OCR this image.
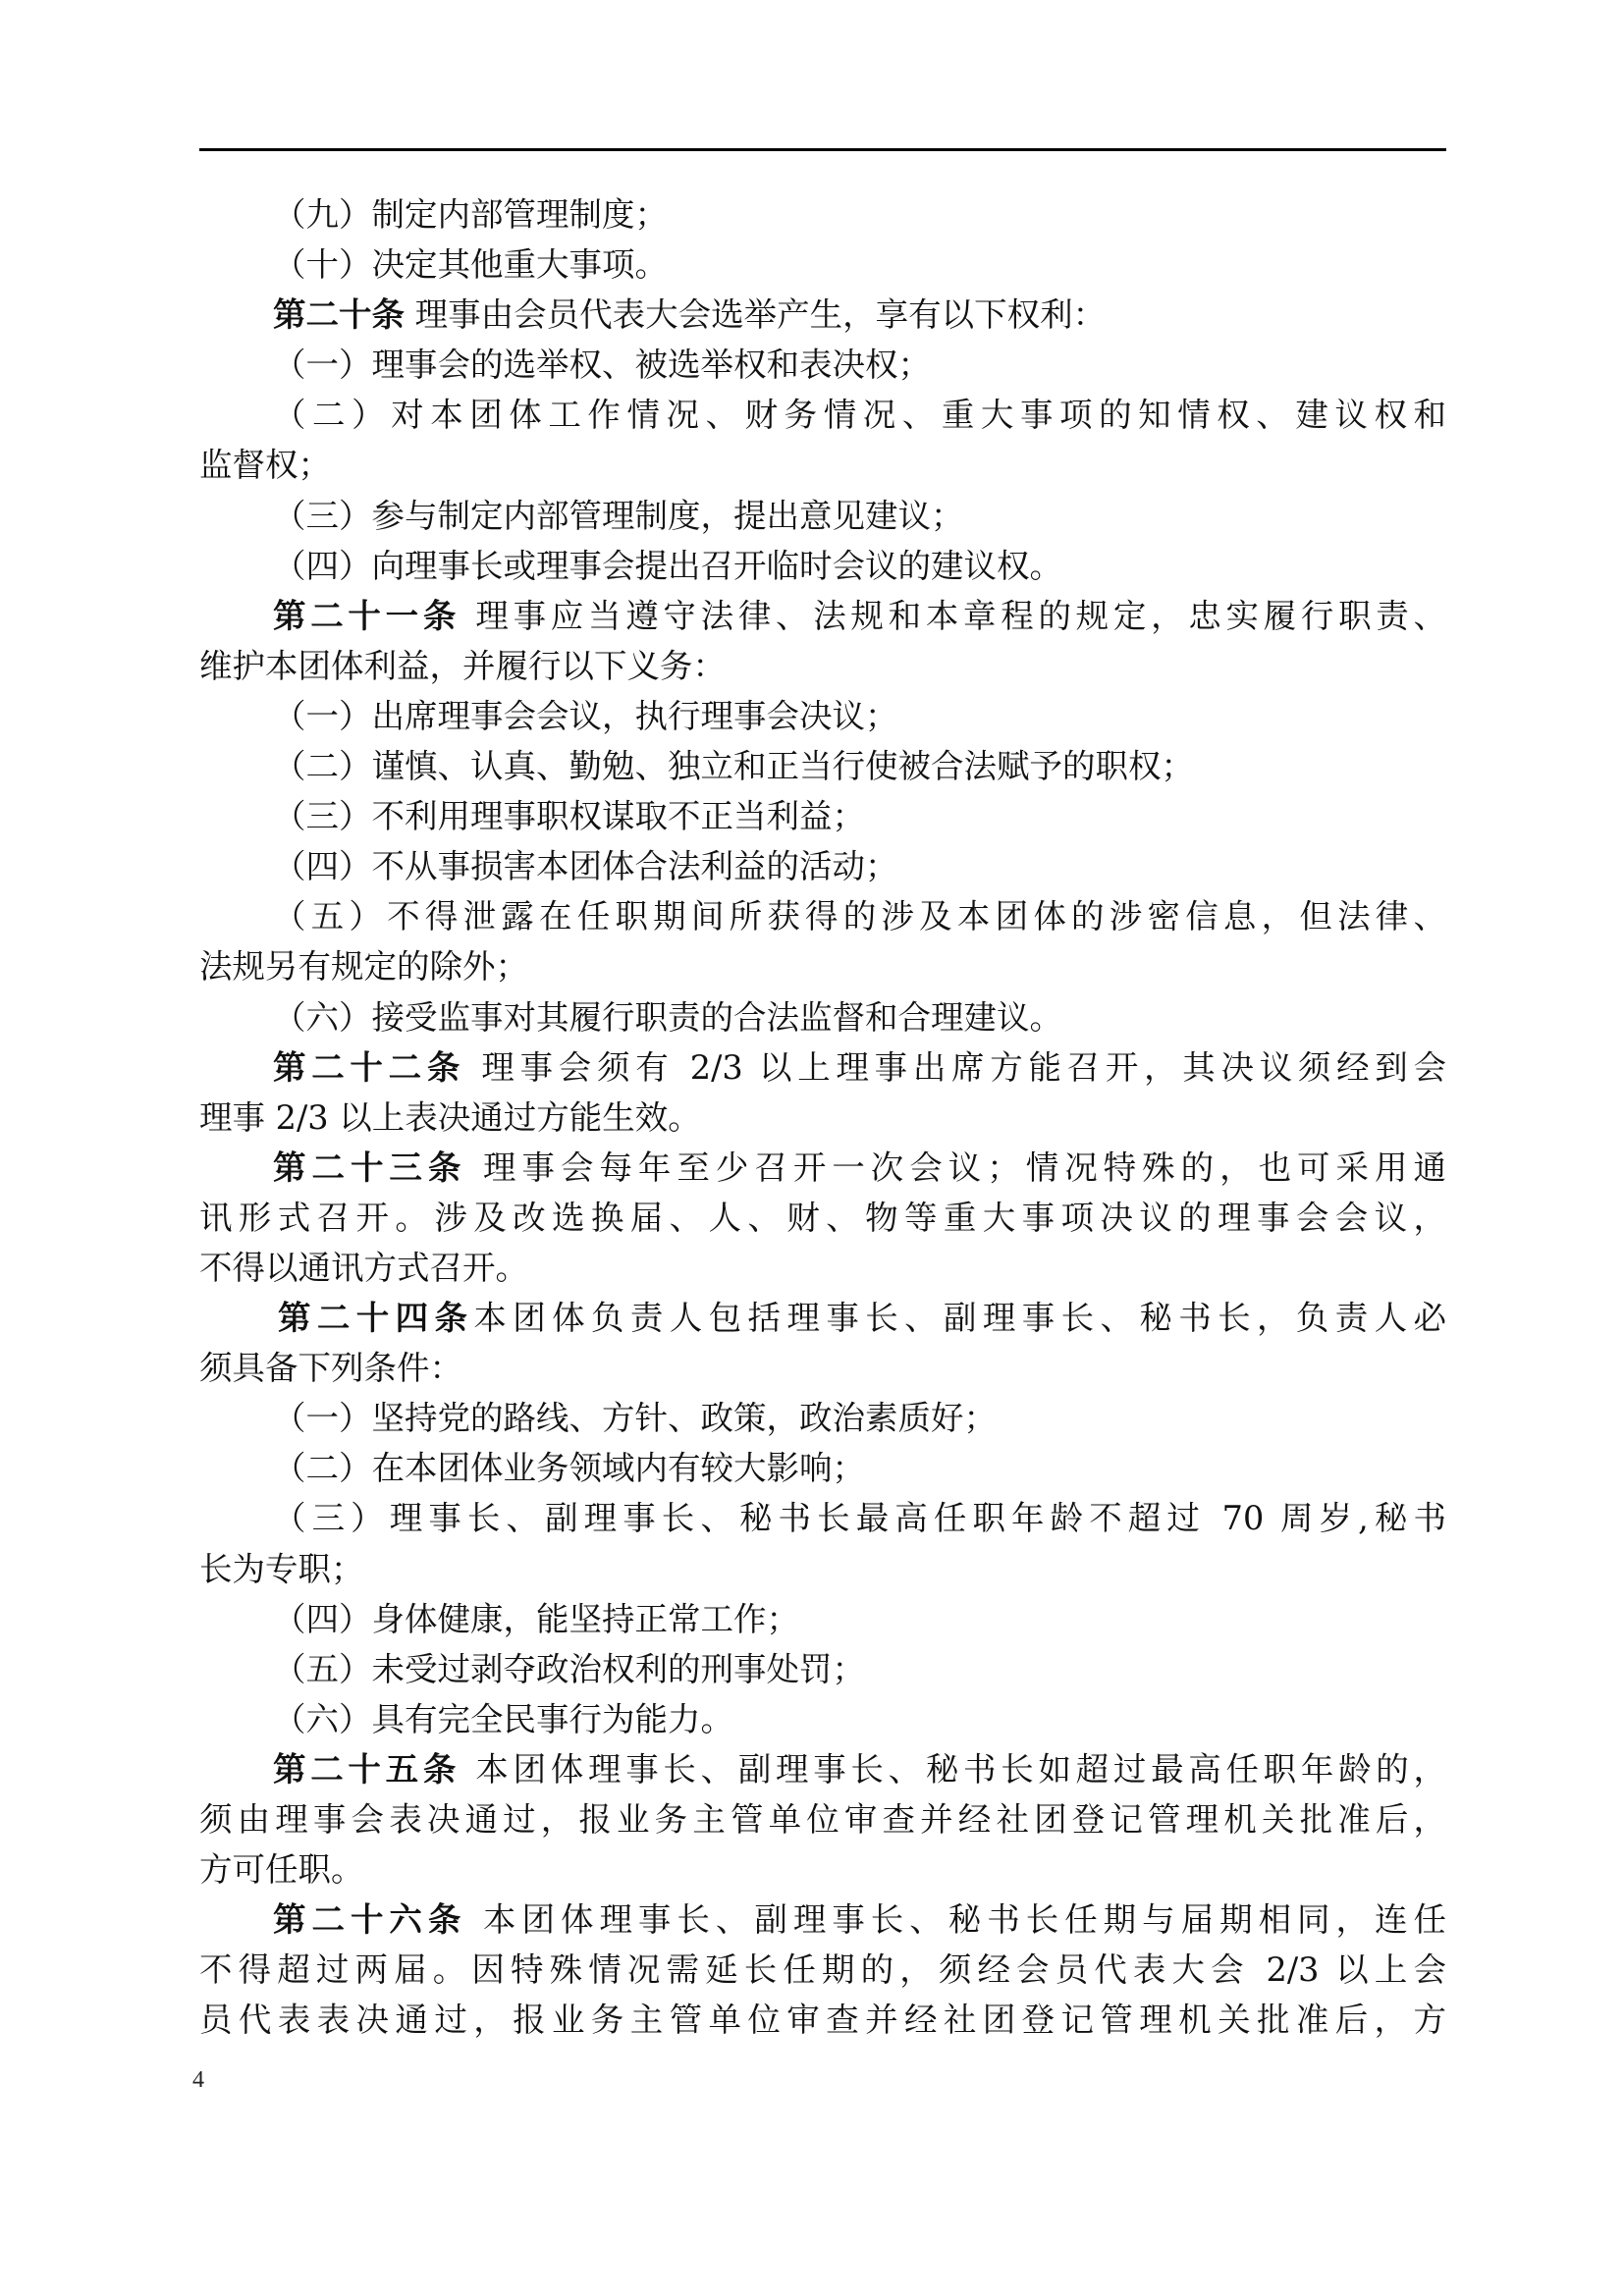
（九）制定内部管理制度；
（十）决定其他重大事项。
第二十条 理事由会员代表大会选举产生，享有以下权利：
（一）理事会的选举权、被选举权和表决权；
（二）对本团体工作情况、财务情况、重大事项的知情权、建议权和
监督权；
（三）参与制定内部管理制度，提出意见建议；
（四）向理事长或理事会提出召开临时会议的建议权。
第二十一条 理事应当遵守法律、法规和本章程的规定，忠实履行职责、
维护本团体利益，并履行以下义务：
（一）出席理事会会议，执行理事会决议；
（二）谨慎、认真、勤勉、独立和正当行使被合法赋予的职权；
（三）不利用理事职权谋取不正当利益；
（四）不从事损害本团体合法利益的活动；
（五）不得泄露在任职期间所获得的涉及本团体的涉密信息，但法律、
法规另有规定的除外；
（六）接受监事对其履行职责的合法监督和合理建议。
第二十二条 理事会须有 2/3 以上理事出席方能召开，其决议须经到会
理事 2/3 以上表决通过方能生效。
第二十三条 理事会每年至少召开一次会议；情况特殊的，也可采用通
讯形式召开。涉及改选换届、人、财、物等重大事项决议的理事会会议，
不得以通讯方式召开。
第二十四条本团体负责人包括理事长、副理事长、秘书长，负责人必
须具备下列条件：
（一）坚持党的路线、方针、政策，政治素质好；
（二）在本团体业务领域内有较大影响；
（三）理事长、副理事长、秘书长最高任职年龄不超过 70 周岁,秘书
长为专职；
（四）身体健康，能坚持正常工作；
（五）未受过剥夺政治权利的刑事处罚；
（六）具有完全民事行为能力。
第二十五条 本团体理事长、副理事长、秘书长如超过最高任职年龄的，
须由理事会表决通过，报业务主管单位审查并经社团登记管理机关批准后，
方可任职。
第二十六条 本团体理事长、副理事长、秘书长任期与届期相同，连任
不得超过两届。因特殊情况需延长任期的，须经会员代表大会 2/3 以上会
员代表表决通过，报业务主管单位审查并经社团登记管理机关批准后，方
4
